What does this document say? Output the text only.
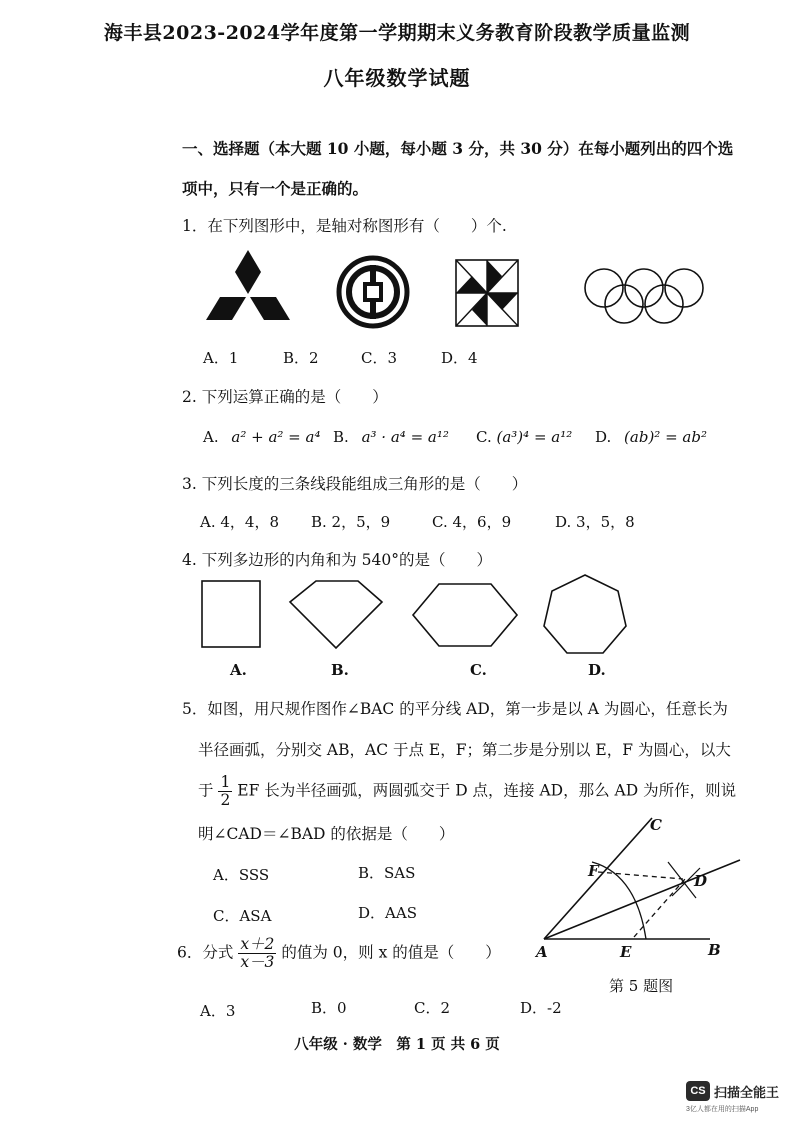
海丰县2023-2024学年度第一学期期末义务教育阶段教学质量监测
八年级数学试题
一、选择题（本大题 10 小题，每小题 3 分，共 30 分）在每小题列出的四个选
项中，只有一个是正确的。
1．在下列图形中，是轴对称图形有（　　）个.
A．1	B．2	C．3	D．4
2. 下列运算正确的是（　　）
A. a² + a² = a⁴ B. a³ · a⁴ = a¹² C. (a³)⁴ = a¹² D. (ab)² = ab²
3. 下列长度的三条线段能组成三角形的是（　　）
A. 4，4，8 B. 2，5，9	C. 4，6，9	D. 3，5，8
4. 下列多边形的内角和为 540°的是（　　）
A.	B.	C.	D.
5．如图，用尺规作图作∠BAC 的平分线 AD，第一步是以 A 为圆心，任意长为
半径画弧，分别交 AB，AC 于点 E，F；第二步是分别以 E，F 为圆心，以大
于 $\frac{1}{2}$ EF 长为半径画弧，两圆弧交于 D 点，连接 AD，那么 AD 为所作，则说
明∠CAD＝∠BAD 的依据是（　　）
A．SSS	B．SAS
C．ASA	D．AAS
C
F
D
A	E	B
第 5 题图
6．分式 $\frac{x+2}{x-3}$ 的值为 0，则 x 的值是（　　）
A．3	B．0	C．2	D．-2
八年级 · 数学　第 1 页 共 6 页
CS 扫描全能王
3亿人都在用的扫描App
